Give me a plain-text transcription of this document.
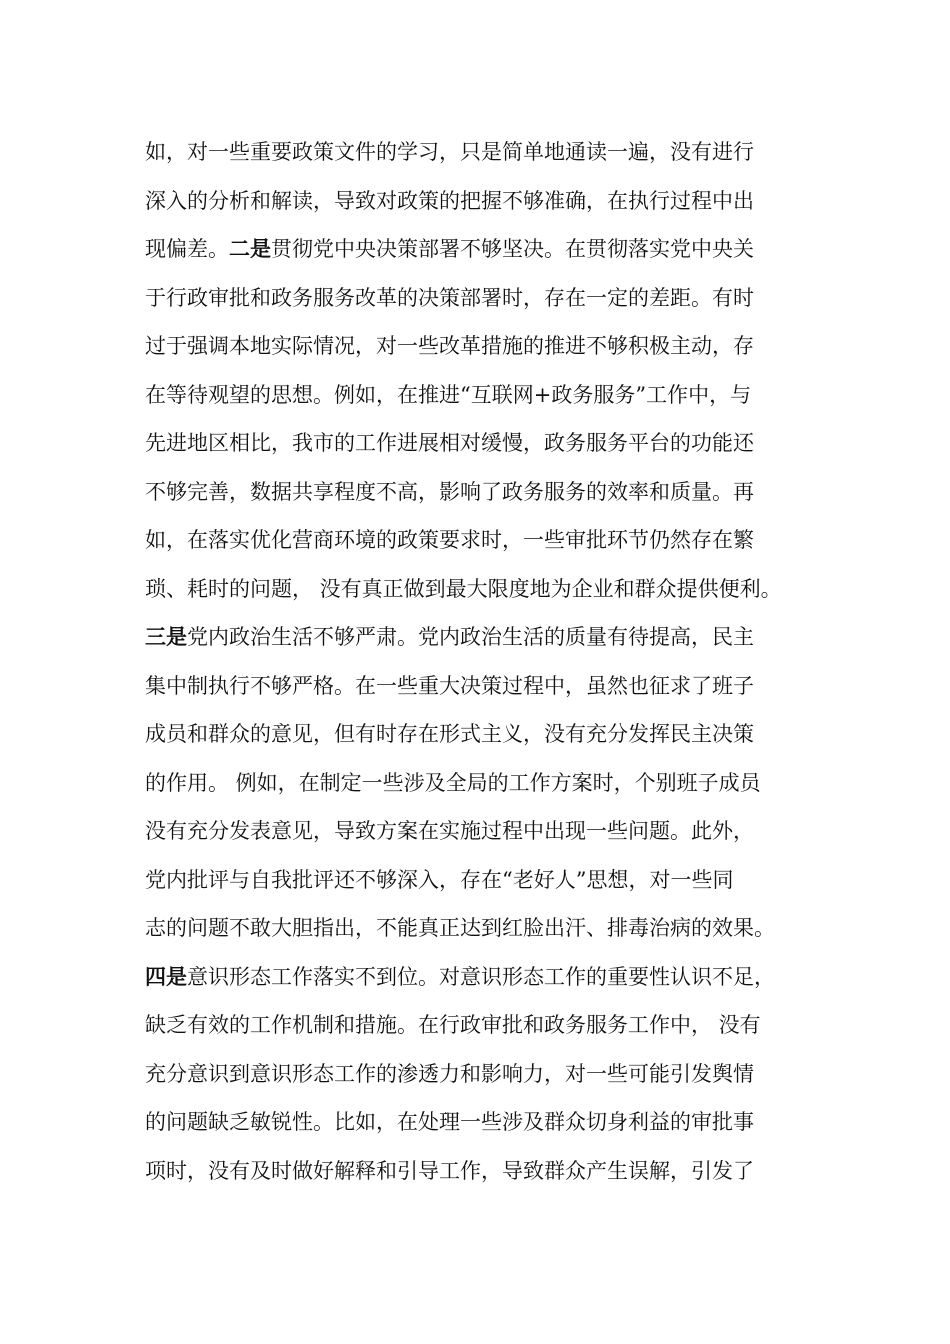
如，对一些重要政策文件的学习，只是简单地通读一遍，没有进行
深入的分析和解读，导致对政策的把握不够准确，在执行过程中出
现偏差。二是贯彻党中央决策部署不够坚决。在贯彻落实党中央关
于行政审批和政务服务改革的决策部署时，存在一定的差距。有时
过于强调本地实际情况，对一些改革措施的推进不够积极主动，存
在等待观望的思想。例如，在推进“互联网+政务服务”工作中，与
先进地区相比，我市的工作进展相对缓慢，政务服务平台的功能还
不够完善，数据共享程度不高，影响了政务服务的效率和质量。再
如，在落实优化营商环境的政策要求时，一些审批环节仍然存在繁
琐、耗时的问题， 没有真正做到最大限度地为企业和群众提供便利。
三是党内政治生活不够严肃。党内政治生活的质量有待提高，民主
集中制执行不够严格。在一些重大决策过程中，虽然也征求了班子
成员和群众的意见，但有时存在形式主义，没有充分发挥民主决策
的作用。 例如，在制定一些涉及全局的工作方案时，个别班子成员
没有充分发表意见，导致方案在实施过程中出现一些问题。此外，
党内批评与自我批评还不够深入，存在“老好人”思想，对一些同
志的问题不敢大胆指出，不能真正达到红脸出汗、排毒治病的效果。
四是意识形态工作落实不到位。对意识形态工作的重要性认识不足，
缺乏有效的工作机制和措施。在行政审批和政务服务工作中， 没有
充分意识到意识形态工作的渗透力和影响力，对一些可能引发舆情
的问题缺乏敏锐性。比如，在处理一些涉及群众切身利益的审批事
项时，没有及时做好解释和引导工作，导致群众产生误解，引发了
